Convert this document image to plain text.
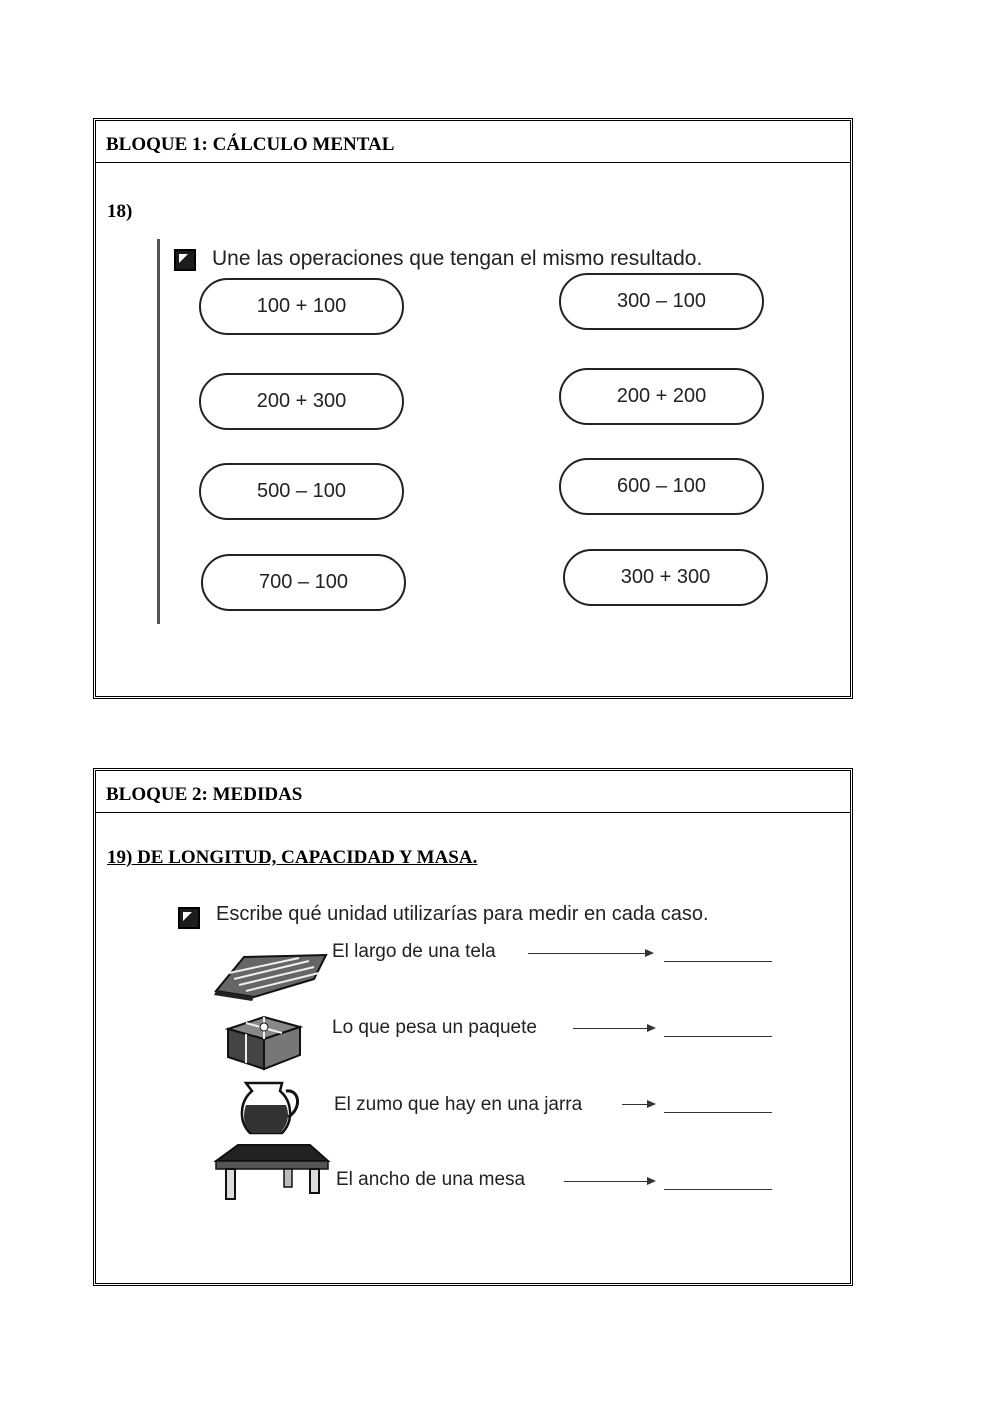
BLOQUE 1: CÁLCULO MENTAL
18)
Une las operaciones que tengan el mismo resultado.
100 + 100
200 + 300
500 – 100
700 – 100
300 – 100
200 + 200
600 – 100
300 + 300
BLOQUE 2: MEDIDAS
19) DE LONGITUD, CAPACIDAD Y MASA.
Escribe qué unidad utilizarías para medir en cada caso.
El largo de una tela
Lo que pesa un paquete
El zumo que hay en una jarra
El ancho de una mesa
